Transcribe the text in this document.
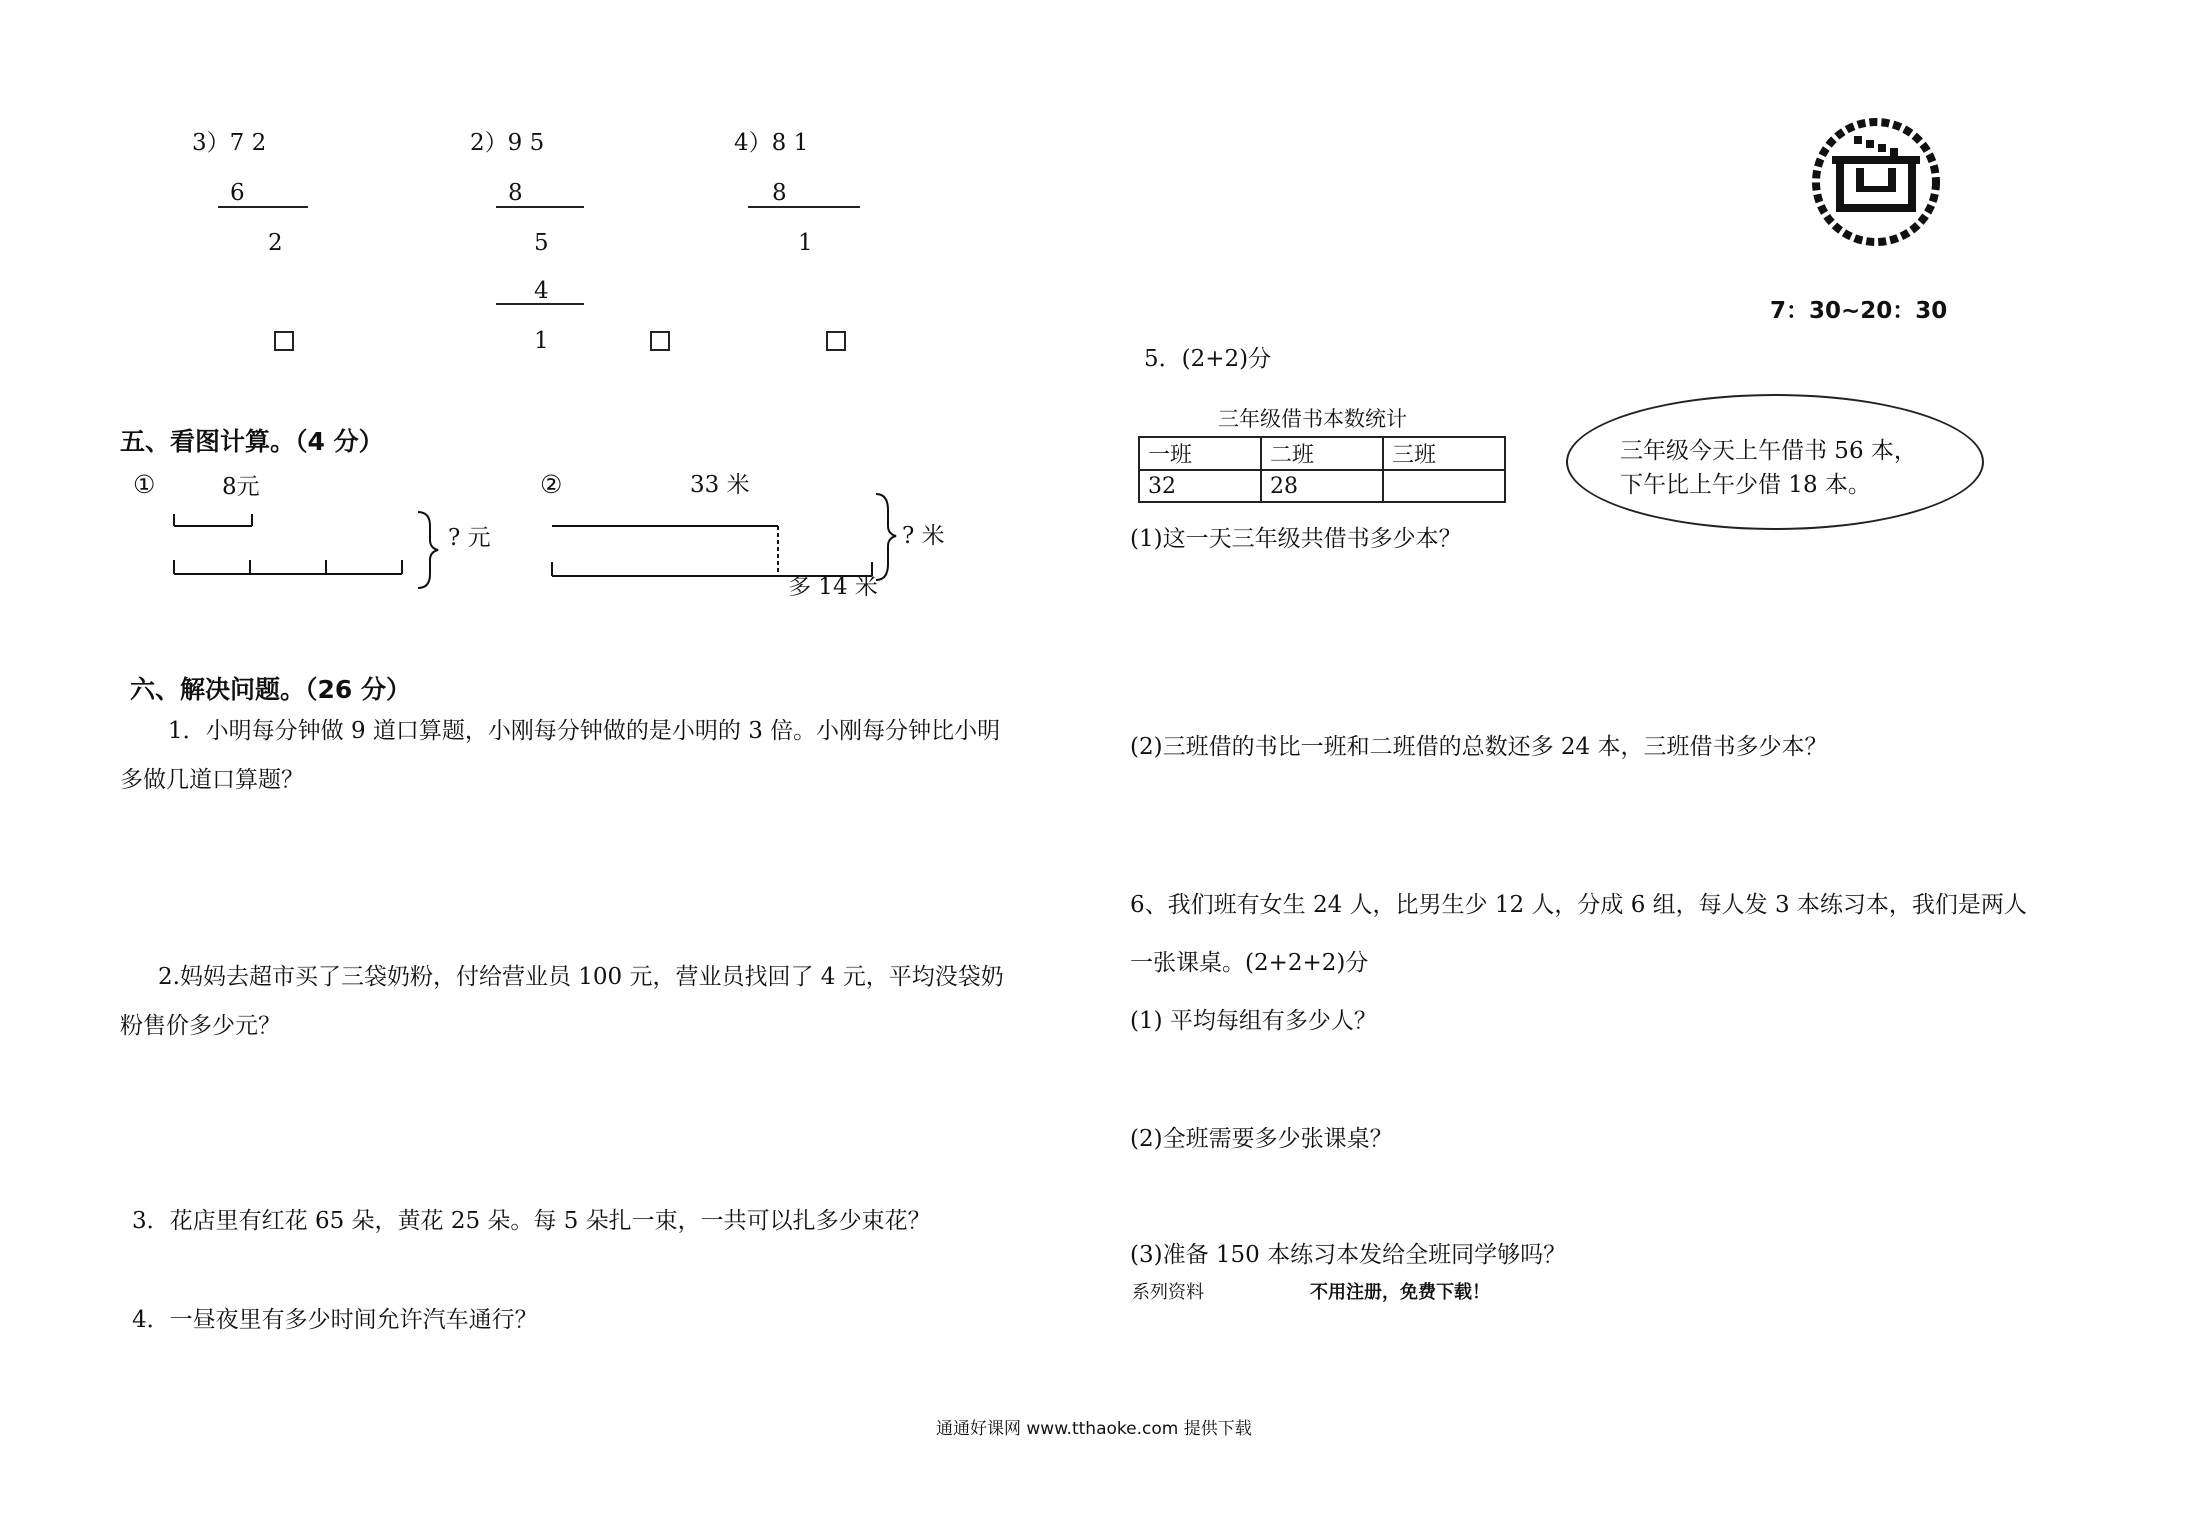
3）7 2
6
2
2）9 5
8
5
4
1
4）8 1
8
1
7：30~20：30
五、看图计算。（4 分）
①	8元
? 元
②	33 米
? 米
多 14 米
六、解决问题。（26 分）
1．小明每分钟做 9 道口算题，小刚每分钟做的是小明的 3 倍。小刚每分钟比小明
多做几道口算题？
2.妈妈去超市买了三袋奶粉，付给营业员 100 元，营业员找回了 4 元，平均没袋奶
粉售价多少元？
3．花店里有红花 65 朵，黄花 25 朵。每 5 朵扎一束，一共可以扎多少束花？
4．一昼夜里有多少时间允许汽车通行？
5．(2+2)分
三年级借书本数统计
一班	二班	三班
32	28	
三年级今天上午借书 56 本，
下午比上午少借 18 本。
(1)这一天三年级共借书多少本？
(2)三班借的书比一班和二班借的总数还多 24 本，三班借书多少本？
6、我们班有女生 24 人，比男生少 12 人，分成 6 组，每人发 3 本练习本，我们是两人
一张课桌。(2+2+2)分
(1) 平均每组有多少人？
(2)全班需要多少张课桌？
(3)准备 150 本练习本发给全班同学够吗？
系列资料	不用注册，免费下载！
通通好课网 www.tthaoke.com 提供下载
